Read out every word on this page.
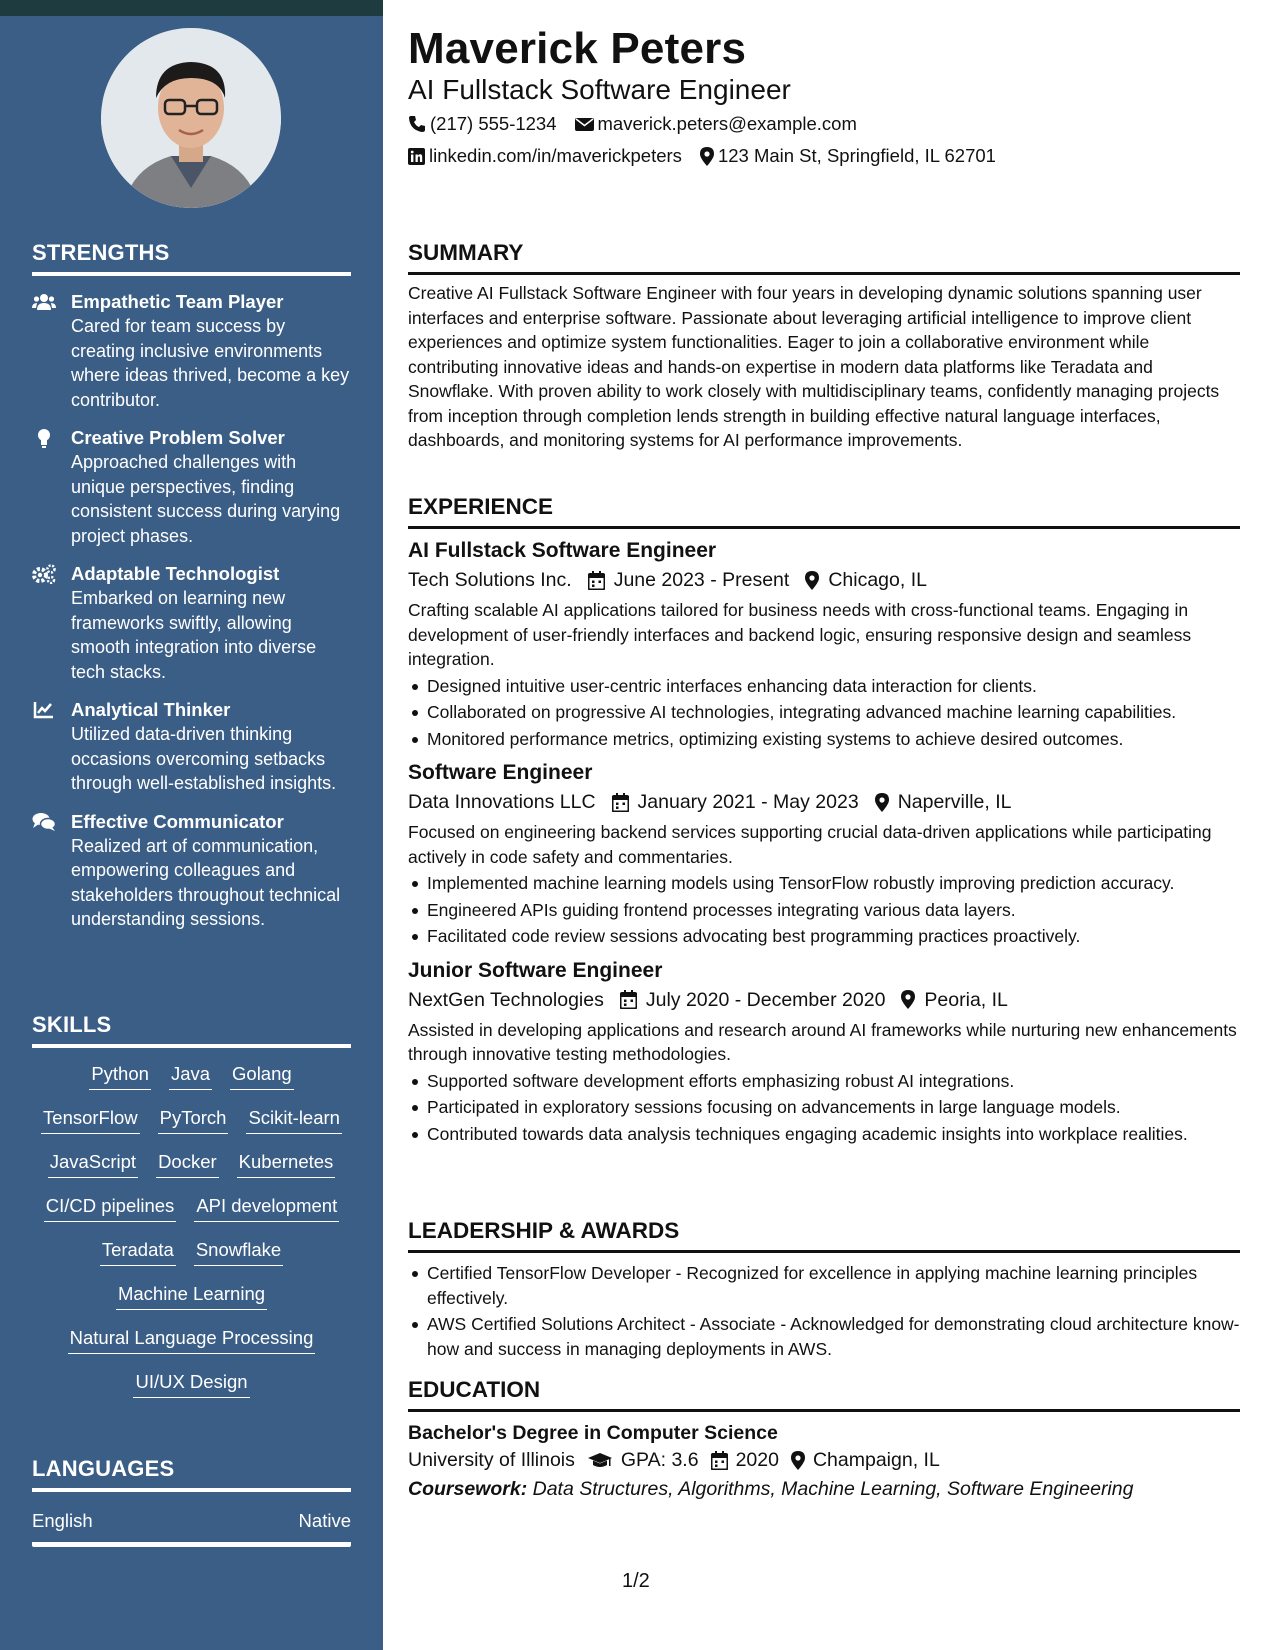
STRENGTHS
Empathetic Team Player
Cared for team success by creating inclusive environments where ideas thrived, become a key contributor.
Creative Problem Solver
Approached challenges with unique perspectives, finding consistent success during varying project phases.
Adaptable Technologist
Embarked on learning new frameworks swiftly, allowing smooth integration into diverse tech stacks.
Analytical Thinker
Utilized data-driven thinking occasions overcoming setbacks through well-established insights.
Effective Communicator
Realized art of communication, empowering colleagues and stakeholders throughout technical understanding sessions.
SKILLS
Python Java Golang
TensorFlow PyTorch Scikit-learn
JavaScript Docker Kubernetes
CI/CD pipelines API development
Teradata Snowflake
Machine Learning
Natural Language Processing
UI/UX Design
LANGUAGES
English	Native
Maverick Peters
AI Fullstack Software Engineer
(217) 555-1234 maverick.peters@example.com
linkedin.com/in/maverickpeters 123 Main St, Springfield, IL 62701
SUMMARY
Creative AI Fullstack Software Engineer with four years in developing dynamic solutions spanning user interfaces and enterprise software. Passionate about leveraging artificial intelligence to improve client experiences and optimize system functionalities. Eager to join a collaborative environment while contributing innovative ideas and hands-on expertise in modern data platforms like Teradata and Snowflake. With proven ability to work closely with multidisciplinary teams, confidently managing projects from inception through completion lends strength in building effective natural language interfaces, dashboards, and monitoring systems for AI performance improvements.
EXPERIENCE
AI Fullstack Software Engineer
Tech Solutions Inc. June 2023 - Present Chicago, IL
Crafting scalable AI applications tailored for business needs with cross-functional teams. Engaging in development of user-friendly interfaces and backend logic, ensuring responsive design and seamless integration.
Designed intuitive user-centric interfaces enhancing data interaction for clients.
Collaborated on progressive AI technologies, integrating advanced machine learning capabilities.
Monitored performance metrics, optimizing existing systems to achieve desired outcomes.
Software Engineer
Data Innovations LLC January 2021 - May 2023 Naperville, IL
Focused on engineering backend services supporting crucial data-driven applications while participating actively in code safety and commentaries.
Implemented machine learning models using TensorFlow robustly improving prediction accuracy.
Engineered APIs guiding frontend processes integrating various data layers.
Facilitated code review sessions advocating best programming practices proactively.
Junior Software Engineer
NextGen Technologies July 2020 - December 2020 Peoria, IL
Assisted in developing applications and research around AI frameworks while nurturing new enhancements through innovative testing methodologies.
Supported software development efforts emphasizing robust AI integrations.
Participated in exploratory sessions focusing on advancements in large language models.
Contributed towards data analysis techniques engaging academic insights into workplace realities.
LEADERSHIP & AWARDS
Certified TensorFlow Developer - Recognized for excellence in applying machine learning principles effectively.
AWS Certified Solutions Architect - Associate - Acknowledged for demonstrating cloud architecture know-how and success in managing deployments in AWS.
EDUCATION
Bachelor's Degree in Computer Science
University of Illinois GPA: 3.6 2020 Champaign, IL
Coursework: Data Structures, Algorithms, Machine Learning, Software Engineering
1/2
